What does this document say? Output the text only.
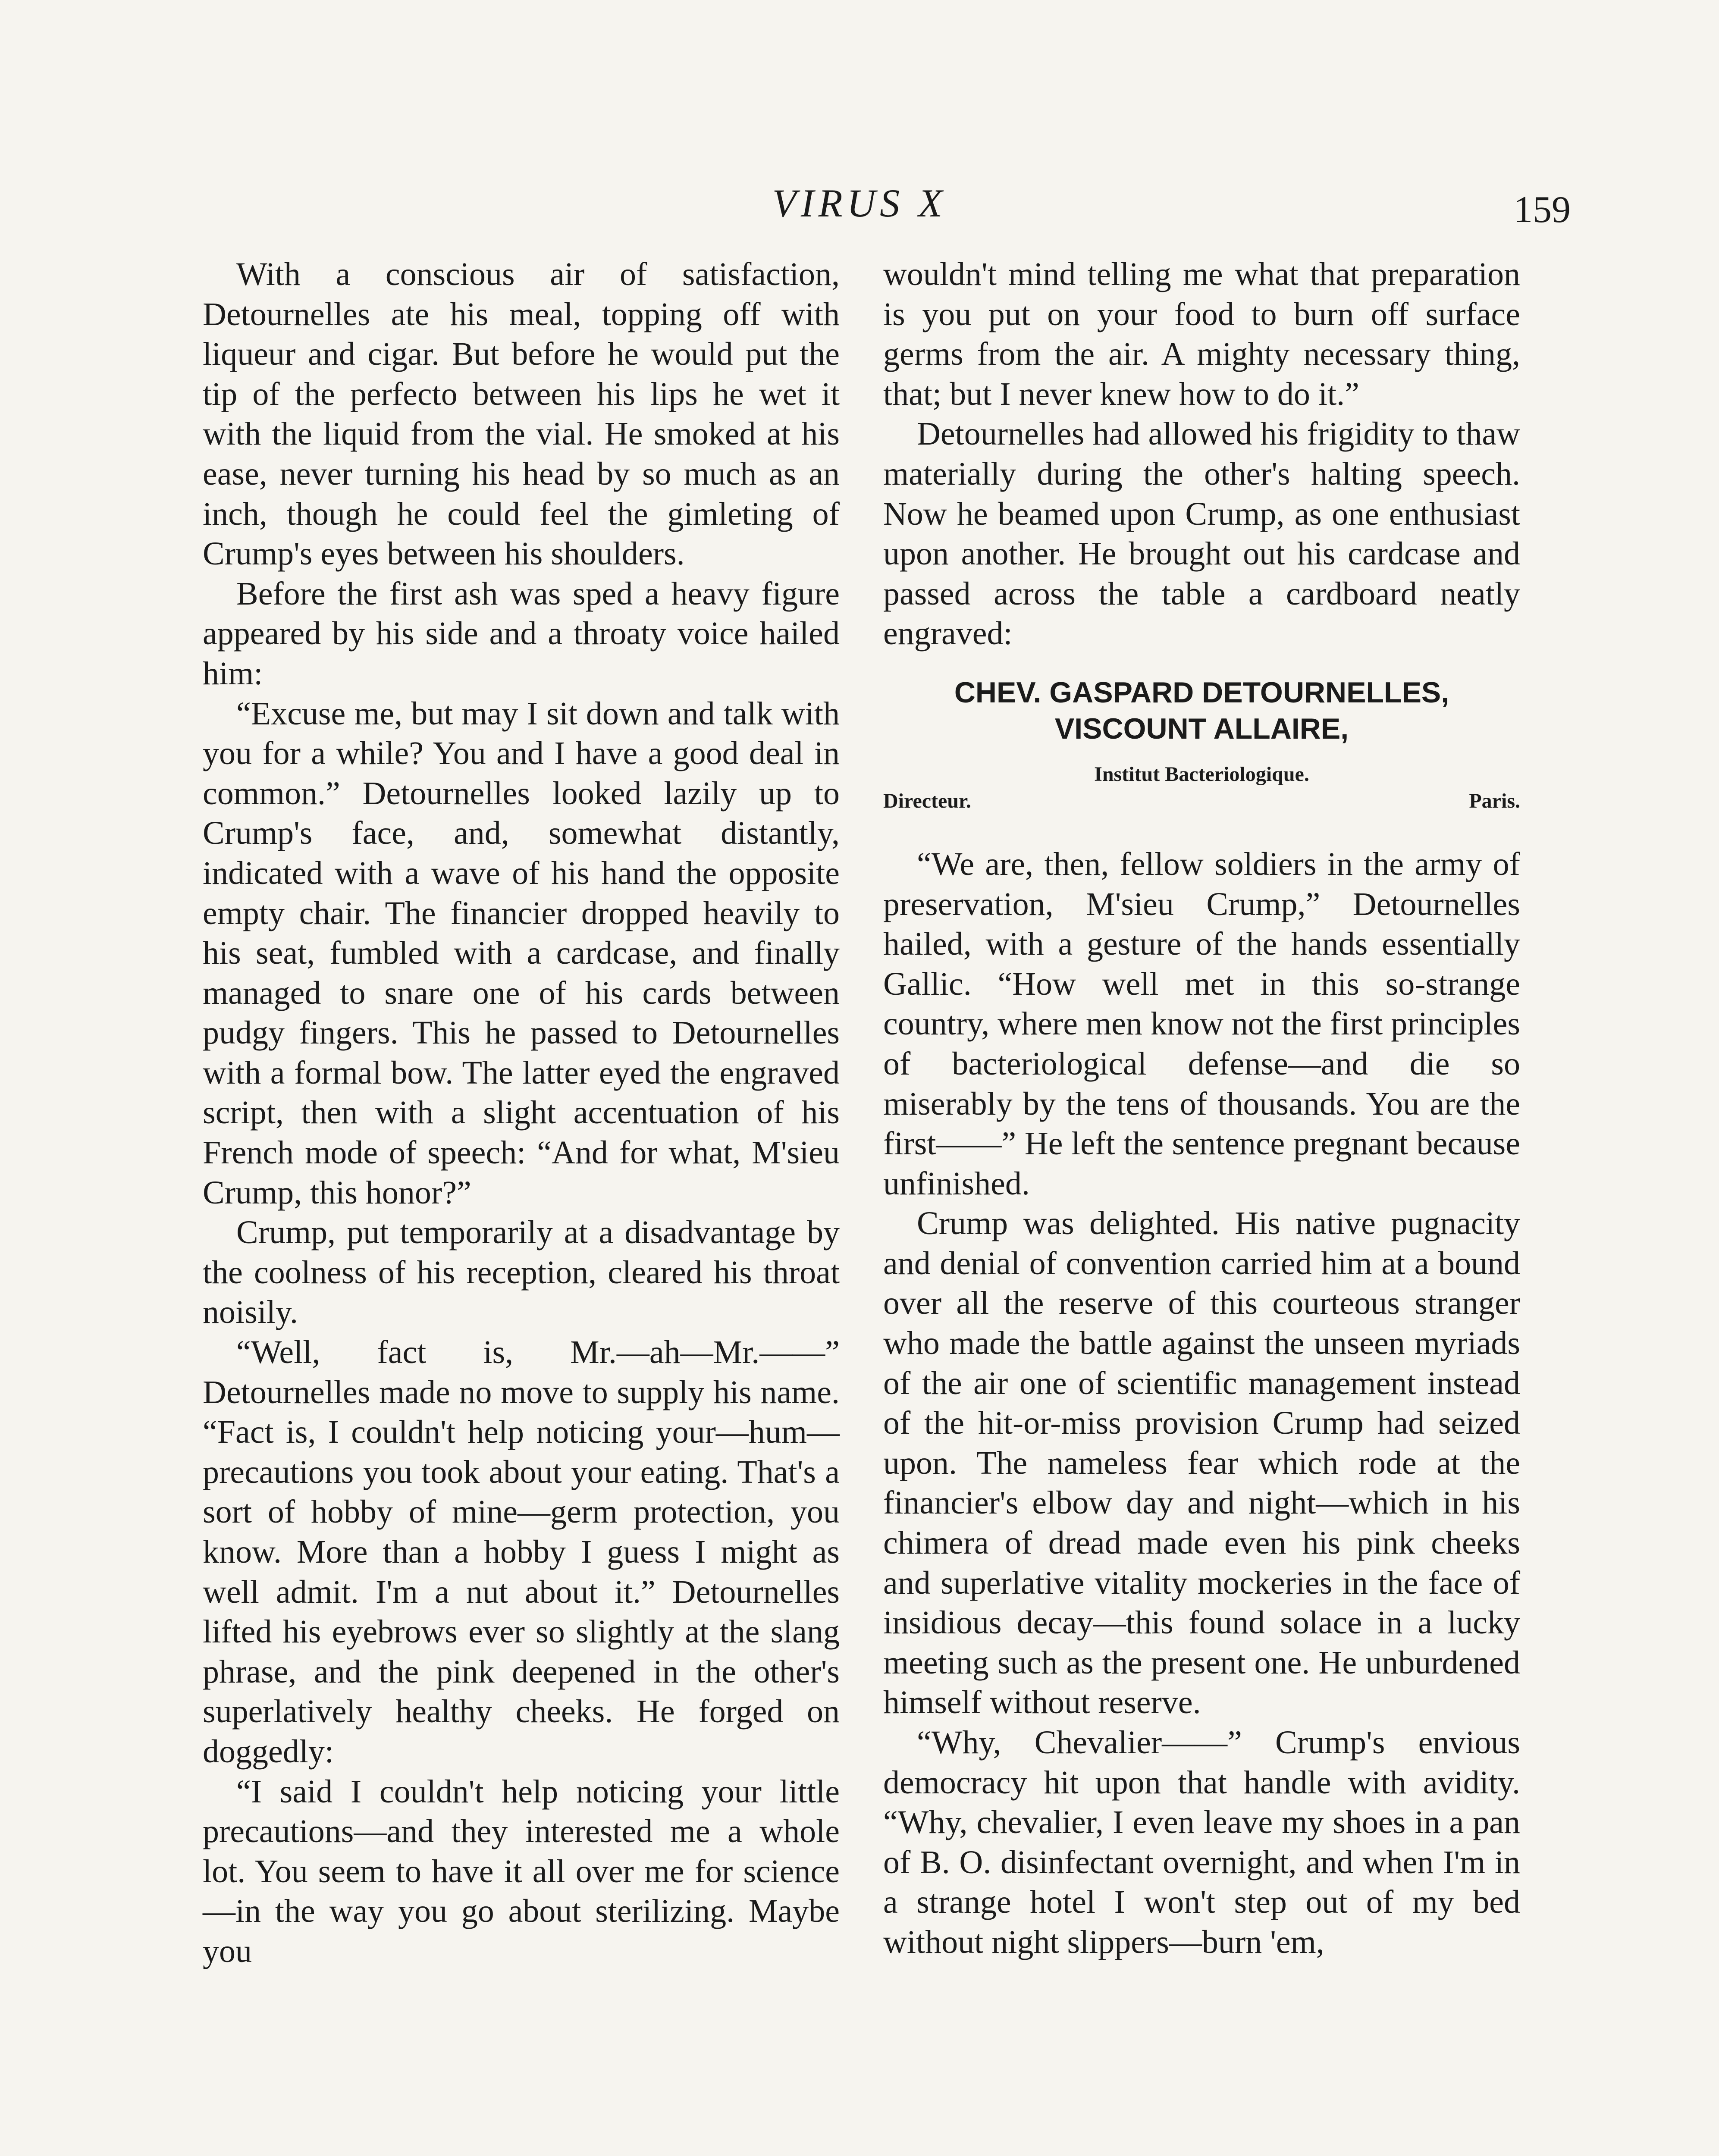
VIRUS X	159

With a conscious air of satisfaction, Detournelles ate his meal, topping off with liqueur and cigar. But before he would put the tip of the perfecto between his lips he wet it with the liquid from the vial. He smoked at his ease, never turning his head by so much as an inch, though he could feel the gimleting of Crump's eyes between his shoulders.

Before the first ash was sped a heavy figure appeared by his side and a throaty voice hailed him:

“Excuse me, but may I sit down and talk with you for a while? You and I have a good deal in common.” Detournelles looked lazily up to Crump's face, and, somewhat distantly, indicated with a wave of his hand the opposite empty chair. The financier dropped heavily to his seat, fumbled with a cardcase, and finally managed to snare one of his cards between pudgy fingers. This he passed to Detournelles with a formal bow. The latter eyed the engraved script, then with a slight accentuation of his French mode of speech: “And for what, M'sieu Crump, this honor?”

Crump, put temporarily at a disadvantage by the coolness of his reception, cleared his throat noisily.

“Well, fact is, Mr.—ah—Mr.——” Detournelles made no move to supply his name. “Fact is, I couldn't help noticing your—hum—precautions you took about your eating. That's a sort of hobby of mine—germ protection, you know. More than a hobby I guess I might as well admit. I'm a nut about it.” Detournelles lifted his eyebrows ever so slightly at the slang phrase, and the pink deepened in the other's superlatively healthy cheeks. He forged on doggedly:

“I said I couldn't help noticing your little precautions—and they interested me a whole lot. You seem to have it all over me for science—in the way you go about sterilizing. Maybe you

wouldn't mind telling me what that preparation is you put on your food to burn off surface germs from the air. A mighty necessary thing, that; but I never knew how to do it.”

Detournelles had allowed his frigidity to thaw materially during the other's halting speech. Now he beamed upon Crump, as one enthusiast upon another. He brought out his cardcase and passed across the table a cardboard neatly engraved:

CHEV. GASPARD DETOURNELLES,
VISCOUNT ALLAIRE,
Institut Bacteriologique.
Directeur.	Paris.

“We are, then, fellow soldiers in the army of preservation, M'sieu Crump,” Detournelles hailed, with a gesture of the hands essentially Gallic. “How well met in this so-strange country, where men know not the first principles of bacteriological defense—and die so miserably by the tens of thousands. You are the first——” He left the sentence pregnant because unfinished.

Crump was delighted. His native pugnacity and denial of convention carried him at a bound over all the reserve of this courteous stranger who made the battle against the unseen myriads of the air one of scientific management instead of the hit-or-miss provision Crump had seized upon. The nameless fear which rode at the financier's elbow day and night—which in his chimera of dread made even his pink cheeks and superlative vitality mockeries in the face of insidious decay—this found solace in a lucky meeting such as the present one. He unburdened himself without reserve.

“Why, Chevalier——” Crump's envious democracy hit upon that handle with avidity. “Why, chevalier, I even leave my shoes in a pan of B. O. disinfectant overnight, and when I'm in a strange hotel I won't step out of my bed without night slippers—burn 'em,
